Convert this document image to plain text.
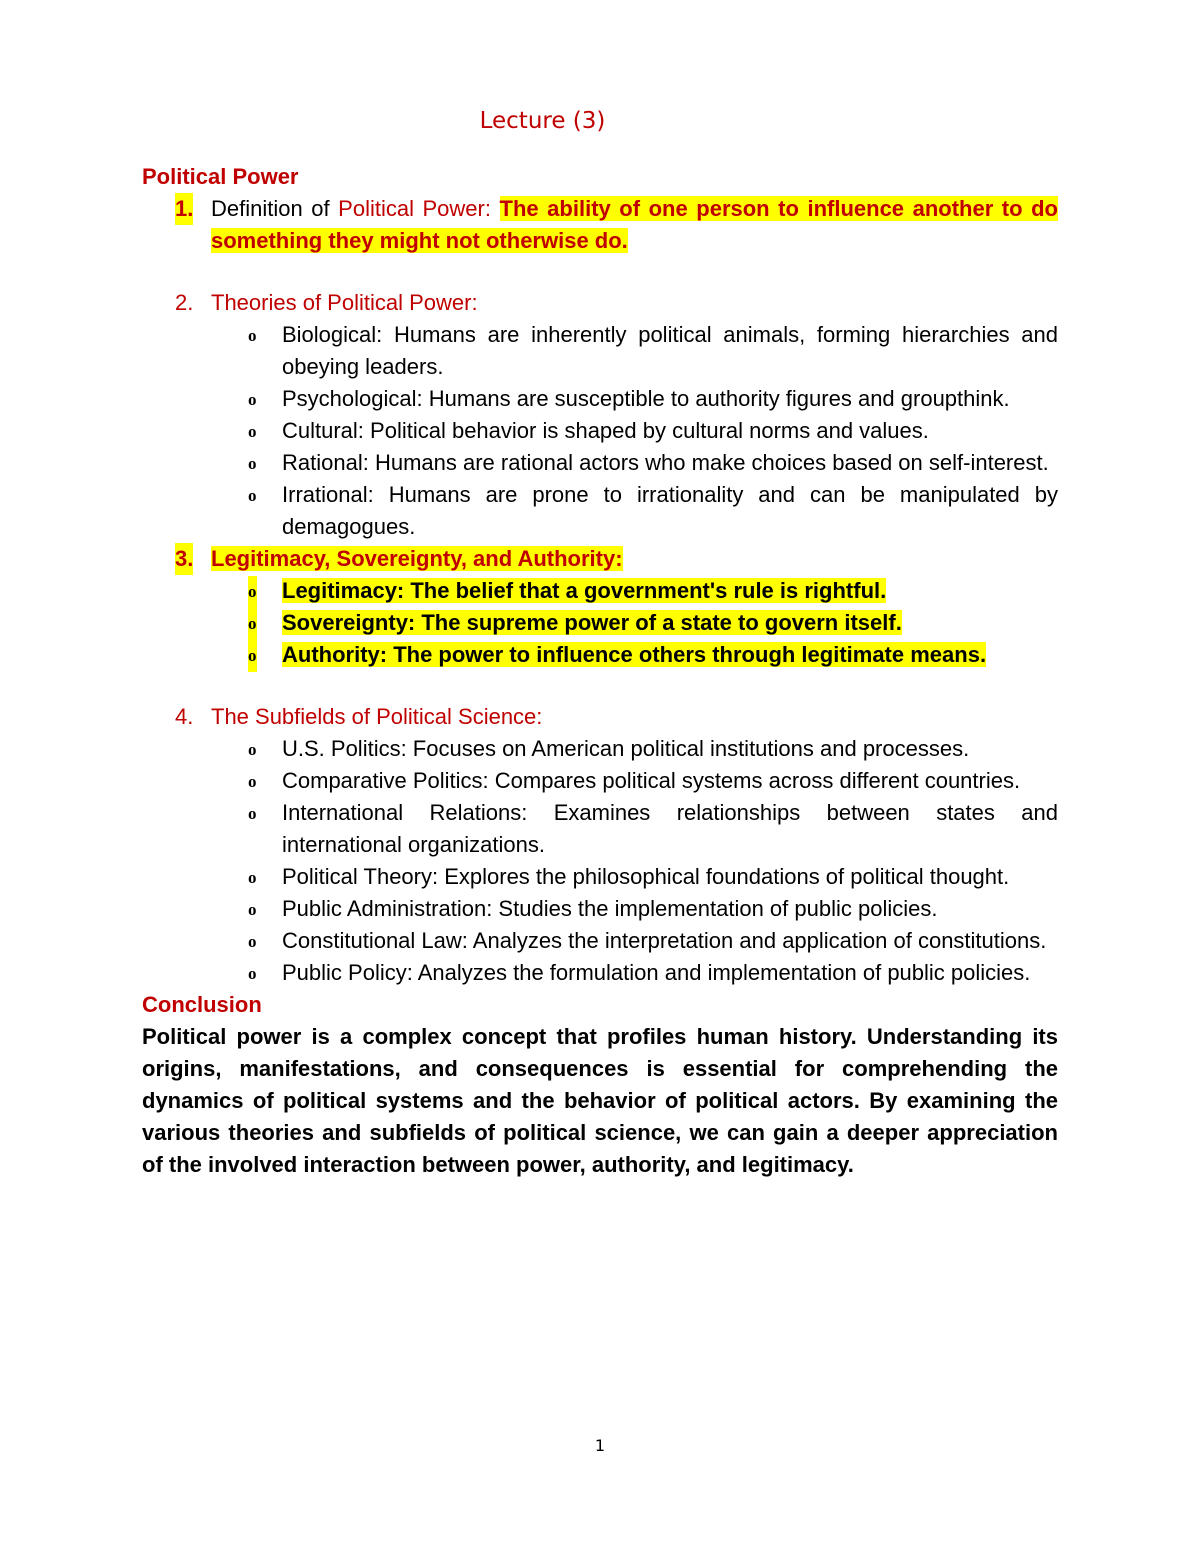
Lecture (3)

Political Power

1. Definition of Political Power: The ability of one person to influence another to do something they might not otherwise do.
2. Theories of Political Power:
o Biological: Humans are inherently political animals, forming hierarchies and obeying leaders.
o Psychological: Humans are susceptible to authority figures and groupthink.
o Cultural: Political behavior is shaped by cultural norms and values.
o Rational: Humans are rational actors who make choices based on self-interest.
o Irrational: Humans are prone to irrationality and can be manipulated by demagogues.
3. Legitimacy, Sovereignty, and Authority:
o Legitimacy: The belief that a government's rule is rightful.
o Sovereignty: The supreme power of a state to govern itself.
o Authority: The power to influence others through legitimate means.
4. The Subfields of Political Science:
o U.S. Politics: Focuses on American political institutions and processes.
o Comparative Politics: Compares political systems across different countries.
o International Relations: Examines relationships between states and international organizations.
o Political Theory: Explores the philosophical foundations of political thought.
o Public Administration: Studies the implementation of public policies.
o Constitutional Law: Analyzes the interpretation and application of constitutions.
o Public Policy: Analyzes the formulation and implementation of public policies.

Conclusion

Political power is a complex concept that profiles human history. Understanding its origins, manifestations, and consequences is essential for comprehending the dynamics of political systems and the behavior of political actors. By examining the various theories and subfields of political science, we can gain a deeper appreciation of the involved interaction between power, authority, and legitimacy.

1
